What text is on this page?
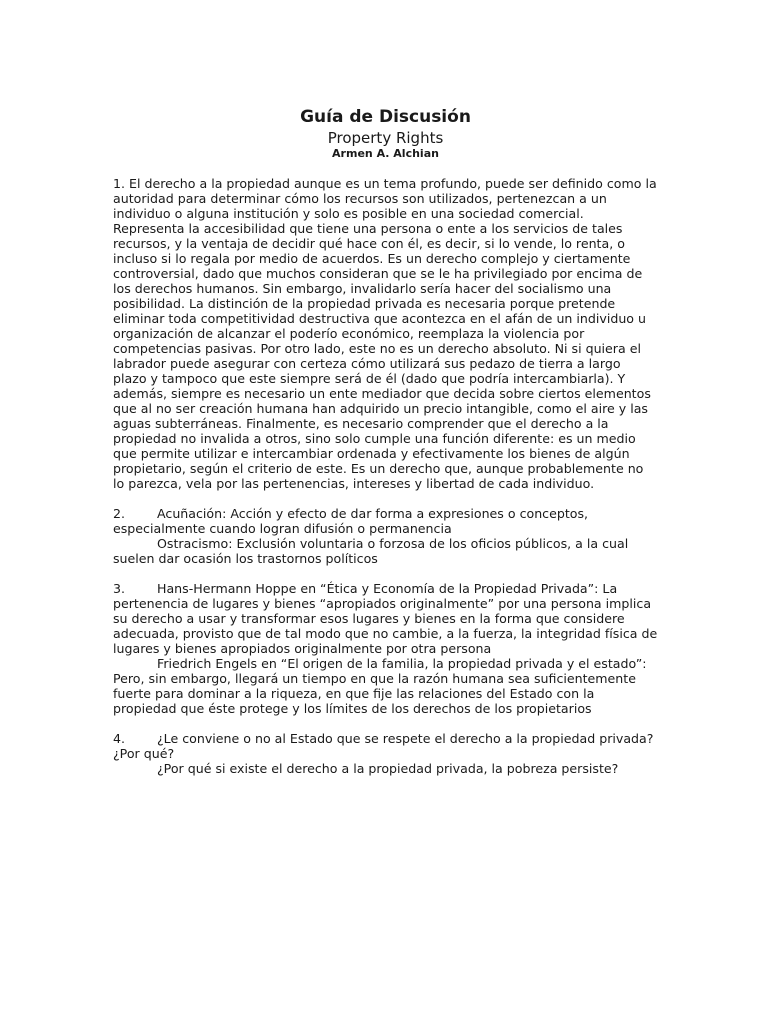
Guía de Discusión
Property Rights
Armen A. Alchian

1. El derecho a la propiedad aunque es un tema profundo, puede ser definido como la autoridad para determinar cómo los recursos son utilizados, pertenezcan a un individuo o alguna institución y solo es posible en una sociedad comercial. Representa la accesibilidad que tiene una persona o ente a los servicios de tales recursos, y la ventaja de decidir qué hace con él, es decir, si lo vende, lo renta, o incluso si lo regala por medio de acuerdos. Es un derecho complejo y ciertamente controversial, dado que muchos consideran que se le ha privilegiado por encima de los derechos humanos. Sin embargo, invalidarlo sería hacer del socialismo una posibilidad. La distinción de la propiedad privada es necesaria porque pretende eliminar toda competitividad destructiva que acontezca en el afán de un individuo u organización de alcanzar el poderío económico, reemplaza la violencia por competencias pasivas. Por otro lado, este no es un derecho absoluto. Ni si quiera el labrador puede asegurar con certeza cómo utilizará sus pedazo de tierra a largo plazo y tampoco que este siempre será de él (dado que podría intercambiarla). Y además, siempre es necesario un ente mediador que decida sobre ciertos elementos que al no ser creación humana han adquirido un precio intangible, como el aire y las aguas subterráneas. Finalmente, es necesario comprender que el derecho a la propiedad no invalida a otros, sino solo cumple una función diferente: es un medio que permite utilizar e intercambiar ordenada y efectivamente los bienes de algún propietario, según el criterio de este. Es un derecho que, aunque probablemente no lo parezca, vela por las pertenencias, intereses y libertad de cada individuo.

2.	Acuñación: Acción y efecto de dar forma a expresiones o conceptos, especialmente cuando logran difusión o permanencia

Ostracismo: Exclusión voluntaria o forzosa de los oficios públicos, a la cual suelen dar ocasión los trastornos políticos

3.	Hans-Hermann Hoppe en “Ética y Economía de la Propiedad Privada”: La pertenencia de lugares y bienes “apropiados originalmente” por una persona implica su derecho a usar y transformar esos lugares y bienes en la forma que considere adecuada, provisto que de tal modo que no cambie, a la fuerza, la integridad física de lugares y bienes apropiados originalmente por otra persona

Friedrich Engels en “El origen de la familia, la propiedad privada y el estado”: Pero, sin embargo, llegará un tiempo en que la razón humana sea suficientemente fuerte para dominar a la riqueza, en que fije las relaciones del Estado con la propiedad que éste protege y los límites de los derechos de los propietarios

4.	¿Le conviene o no al Estado que se respete el derecho a la propiedad privada? ¿Por qué?

¿Por qué si existe el derecho a la propiedad privada, la pobreza persiste?
